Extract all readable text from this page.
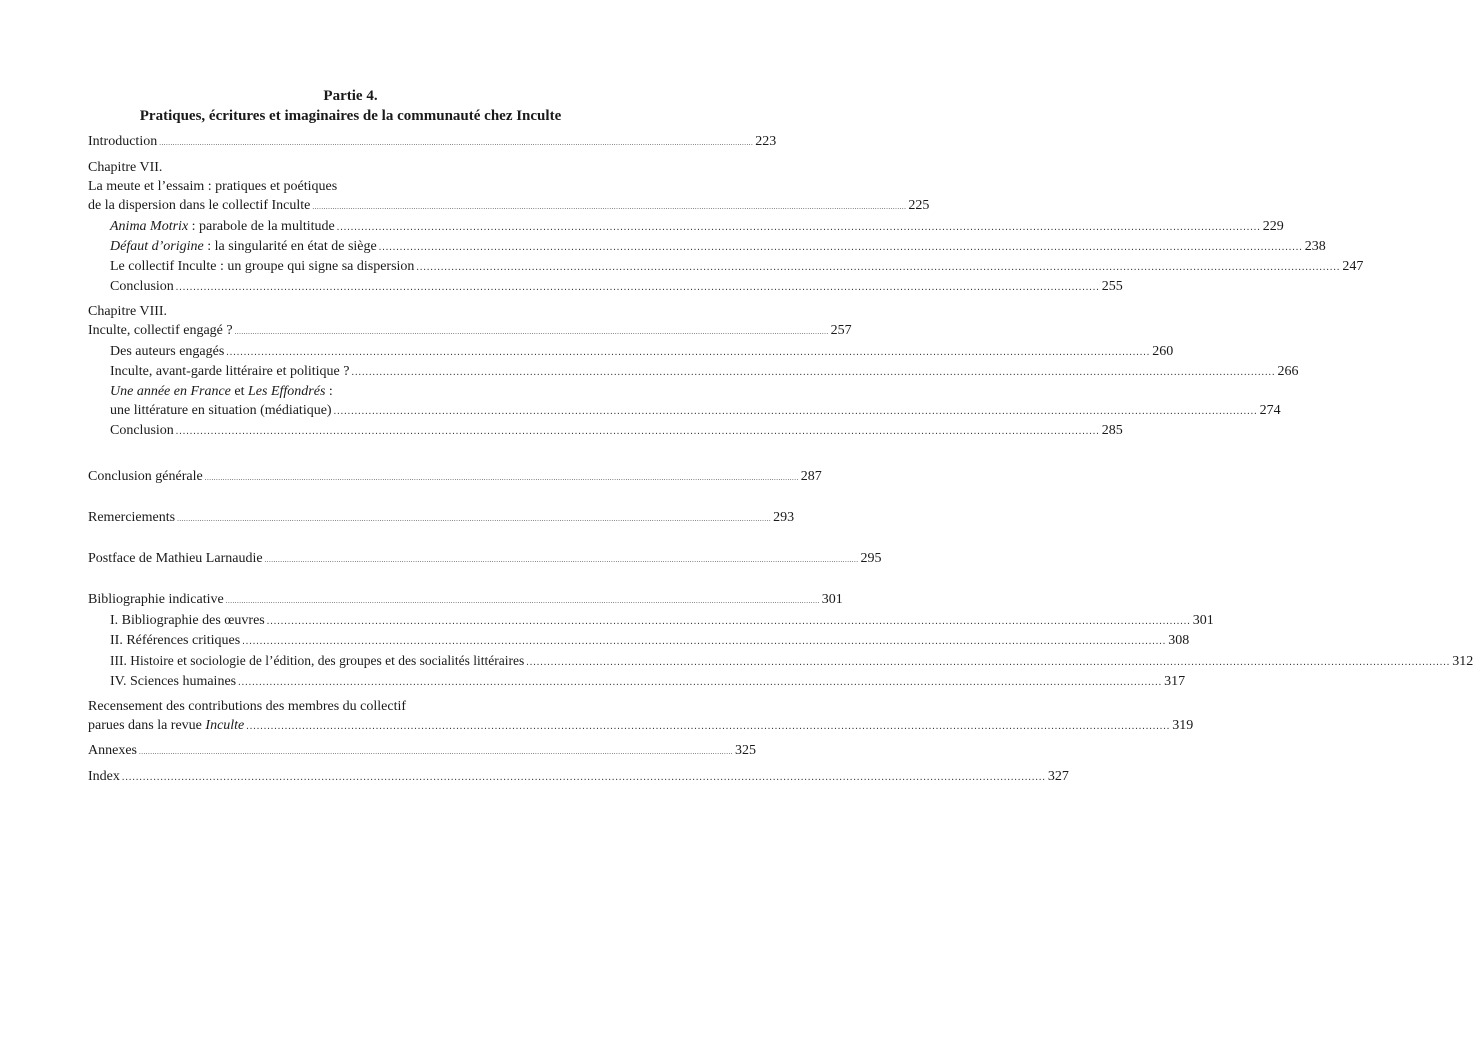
Partie 4.
Pratiques, écritures et imaginaires de la communauté chez Inculte
Introduction ........................................................................................................................................................................................................................................................................ 223
Chapitre VII.
La meute et l’essaim : pratiques et poétiques
de la dispersion dans le collectif Inculte ........................................................................................................................................................................................................................................................................ 225
Anima Motrix : parabole de la multitude ........................................................................................................................................................................................................................................................................ 229
Défaut d’origine : la singularité en état de siège ........................................................................................................................................................................................................................................................................ 238
Le collectif Inculte : un groupe qui signe sa dispersion ........................................................................................................................................................................................................................................................................ 247
Conclusion ........................................................................................................................................................................................................................................................................ 255
Chapitre VIII.
Inculte, collectif engagé ? ........................................................................................................................................................................................................................................................................ 257
Des auteurs engagés ........................................................................................................................................................................................................................................................................ 260
Inculte, avant-garde littéraire et politique ? ........................................................................................................................................................................................................................................................................ 266
Une année en France et Les Effondrés :
une littérature en situation (médiatique) ........................................................................................................................................................................................................................................................................ 274
Conclusion ........................................................................................................................................................................................................................................................................ 285
Conclusion générale ........................................................................................................................................................................................................................................................................ 287
Remerciements ........................................................................................................................................................................................................................................................................ 293
Postface de Mathieu Larnaudie ........................................................................................................................................................................................................................................................................ 295
Bibliographie indicative ........................................................................................................................................................................................................................................................................ 301
I. Bibliographie des œuvres ........................................................................................................................................................................................................................................................................ 301
II. Références critiques ........................................................................................................................................................................................................................................................................ 308
III. Histoire et sociologie de l’édition, des groupes et des socialités littéraires ........................................................................................................................................................................................................................................................................ 312
IV. Sciences humaines ........................................................................................................................................................................................................................................................................ 317
Recensement des contributions des membres du collectif
parues dans la revue Inculte ........................................................................................................................................................................................................................................................................ 319
Annexes ........................................................................................................................................................................................................................................................................ 325
Index ........................................................................................................................................................................................................................................................................ 327
